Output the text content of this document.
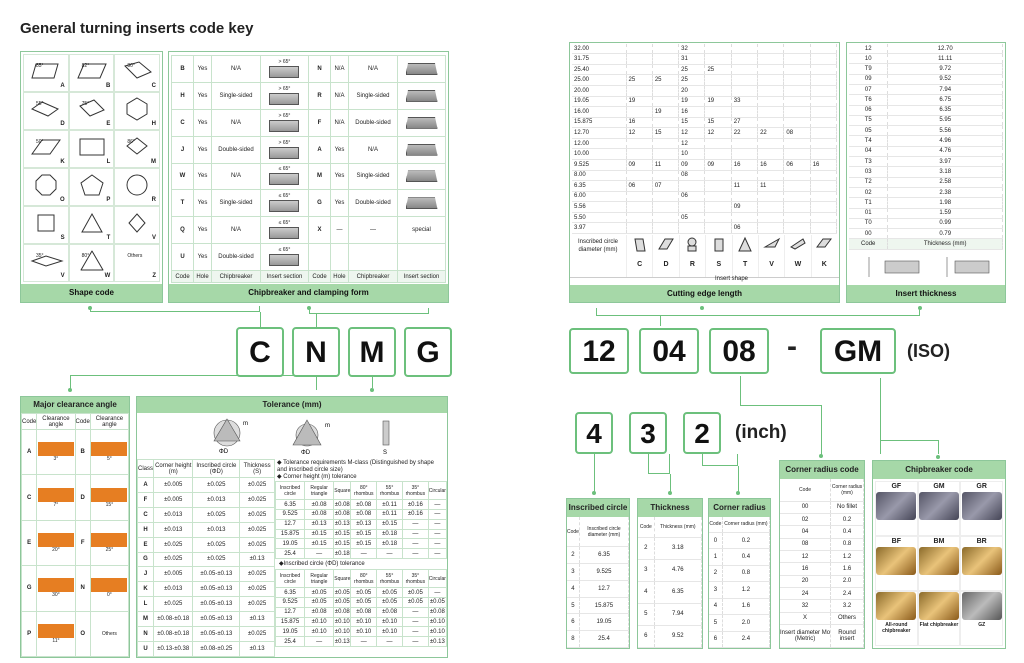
General turning inserts code key
A
85°
B
82°
C
80°
D
55°
E
75°
H
K
50°
L	M
86°
O	P	R
S	T	V
V
35°
W
80°
Z
Others
Shape code
B	Yes	N/A	> 65°	N	N/A	N/A	

H	Yes	Single-sided	> 65°	R	N/A	Single-sided	

C	Yes	N/A	> 65°	F	N/A	Double-sided	

J	Yes	Double-sided	> 65°	A	Yes	N/A	

W	Yes	N/A	≤ 65°	M	Yes	Single-sided	

T	Yes	Single-sided	≤ 65°	G	Yes	Double-sided	

Q	Yes	N/A	≤ 65°	X	—	—	special
U	Yes	Double-sided	≤ 65°				

Code	Hole	Chipbreaker	Insert section	Code	Hole	Chipbreaker	Insert section
Chipbreaker and clamping form
C	N	M	G
Major clearance angle
Code	Clearance angle	Code	Clearance angle
A	3°	B	5°

C	7°	D	15°

E	20°	F	25°

G	30°	N	0°

P	11°	O	Others
Tolerance (mm)
ΦD
m
ΦD
m
S
Class	Corner height (m)	Inscribed circle (ΦD)	Thickness (S)
A	±0.005	±0.025	±0.025
F	±0.005	±0.013	±0.025
C	±0.013	±0.025	±0.025
H	±0.013	±0.013	±0.025
E	±0.025	±0.025	±0.025
G	±0.025	±0.025	±0.13
J	±0.005	±0.05-±0.13	±0.025
K	±0.013	±0.05-±0.13	±0.025
L	±0.025	±0.05-±0.13	±0.025
M	±0.08-±0.18	±0.05-±0.13	±0.13
N	±0.08-±0.18	±0.05-±0.13	±0.025
U	±0.13-±0.38	±0.08-±0.25	±0.13
◆ Tolerance requirements M-class (Distinguished by shape and inscribed circle size)
◆ Corner height (m) tolerance
Inscribed circle	Regular triangle	Square	80° rhombus	55° rhombus	35° rhombus	Circular
6.35	±0.08	±0.08	±0.08	±0.11	±0.16	—
9.525	±0.08	±0.08	±0.08	±0.11	±0.16	—
12.7	±0.13	±0.13	±0.13	±0.15	—	—
15.875	±0.15	±0.15	±0.15	±0.18	—	—
19.05	±0.15	±0.15	±0.15	±0.18	—	—
25.4	—	±0.18	—	—	—	—
◆Inscribed circle (ΦD) tolerance
Inscribed circle	Regular triangle	Square	80° rhombus	55° rhombus	35° rhombus	Circular
6.35	±0.05	±0.05	±0.05	±0.05	±0.05	—
9.525	±0.05	±0.05	±0.05	±0.05	±0.05	±0.05
12.7	±0.08	±0.08	±0.08	±0.08	—	±0.08
15.875	±0.10	±0.10	±0.10	±0.10	—	±0.10
19.05	±0.10	±0.10	±0.10	±0.10	—	±0.10
25.4	—	±0.13	—	—	—	±0.13
32.00			32					
31.75			31					
25.40			25	25				
25.00	25	25	25					
20.00			20					
19.05	19		19	19	33			
16.00		19	16					
15.875	16		15	15	27			
12.70	12	15	12	12	22	22	08	
12.00			12					
10.00			10					
9.525	09	11	09	09	16	16	06	16
8.00			08					
6.35	06	07			11	11		
6.00			06					
5.56					09			
5.50			05					
3.97					06			
Inscribed circle diameter (mm)
C	D	R	S	T	V	W	K
Insert shape
Cutting edge length
12	12.70
10	11.11
T9	9.72
09	9.52
07	7.94
T6	6.75
06	6.35
T5	5.95
05	5.56
T4	4.96
04	4.76
T3	3.97
03	3.18
T2	2.58
02	2.38
T1	1.98
01	1.59
T0	0.99
00	0.79
Code	Thickness (mm)
Insert thickness
12	04	08	-	GM	(ISO)
4	3	2	(inch)
Inscribed circle
Code	Inscribed circle diameter (mm)
2	6.35
3	9.525
4	12.7
5	15.875
6	19.05
8	25.4
Thickness
Code	Thickness (mm)
2	3.18
3	4.76
4	6.35
5	7.94
6	9.52
Corner radius
Code	Corner radius (mm)
0	0.2
1	0.4
2	0.8
3	1.2
4	1.6
5	2.0
6	2.4
Corner radius code
Code	Corner radius (mm)
00	No fillet
02	0.2
04	0.4
08	0.8
12	1.2
16	1.6
20	2.0
24	2.4
32	3.2
X	Others
Insert diameter Mo (Metric)	Round insert
Chipbreaker code
GF	GM	GR
BF	BM	BR
All-round chipbreaker
Flat chipbreaker	GZ
